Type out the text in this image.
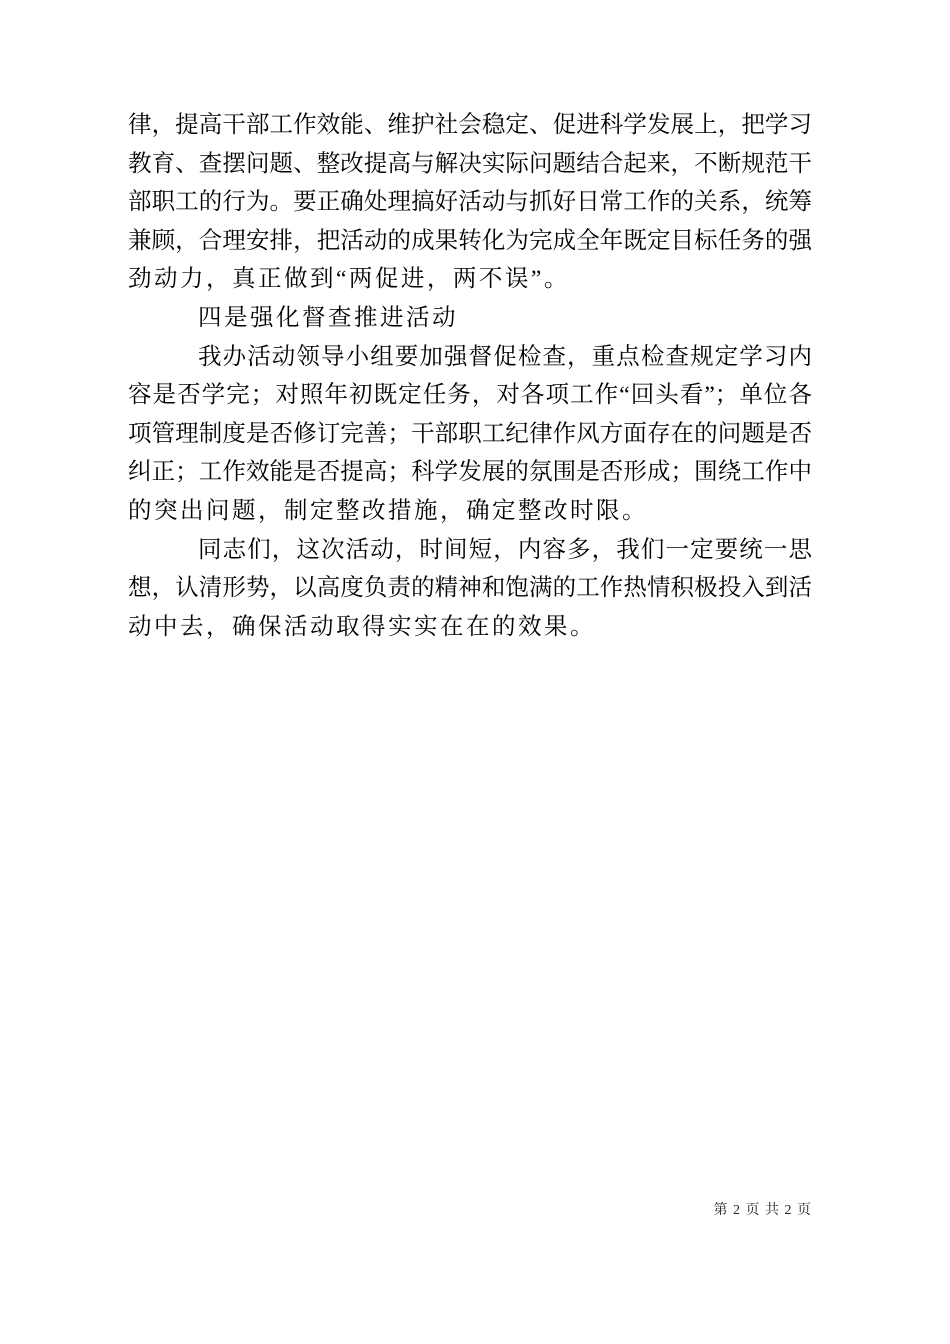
律，提高干部工作效能、维护社会稳定、促进科学发展上，把学习
教育、查摆问题、整改提高与解决实际问题结合起来，不断规范干
部职工的行为。要正确处理搞好活动与抓好日常工作的关系，统筹
兼顾，合理安排，把活动的成果转化为完成全年既定目标任务的强
劲动力，真正做到“两促进，两不误”。
四是强化督查推进活动
我办活动领导小组要加强督促检查，重点检查规定学习内
容是否学完；对照年初既定任务，对各项工作“回头看”；单位各
项管理制度是否修订完善；干部职工纪律作风方面存在的问题是否
纠正；工作效能是否提高；科学发展的氛围是否形成；围绕工作中
的突出问题，制定整改措施，确定整改时限。
同志们，这次活动，时间短，内容多，我们一定要统一思
想，认清形势，以高度负责的精神和饱满的工作热情积极投入到活
动中去，确保活动取得实实在在的效果。
第 2 页 共 2 页
